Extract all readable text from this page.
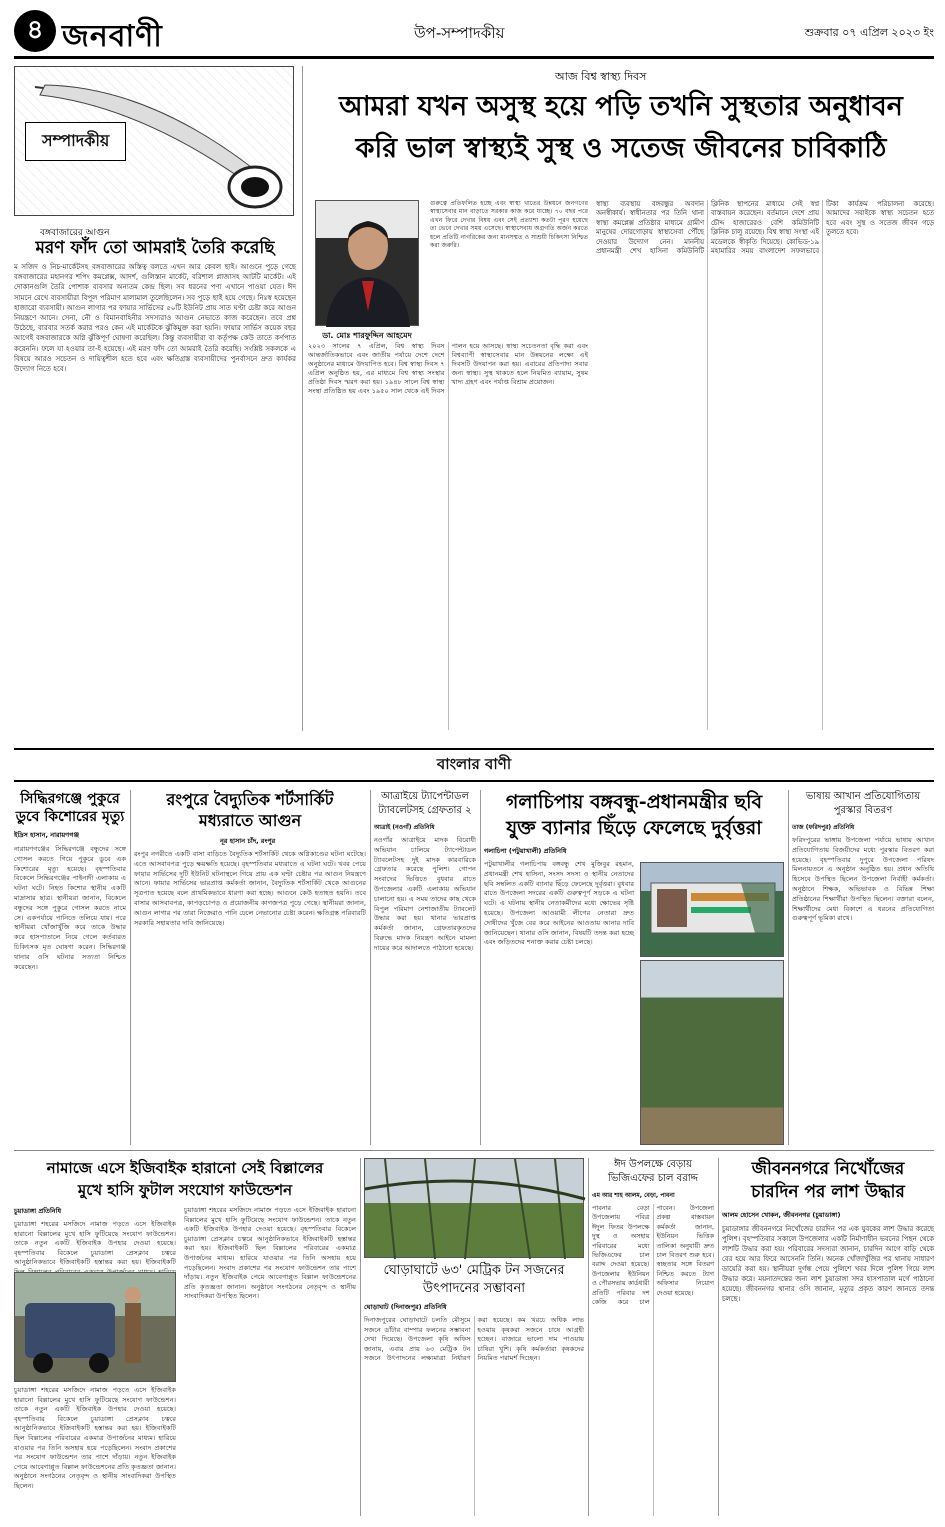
৪ জনবাণী	উপ-সম্পাদকীয়	শুক্রবার ০৭ এপ্রিল ২০২৩ ইং
সম্পাদকীয়
বঙ্গবাজারের আগুন
মরণ ফাঁদ তো আমরাই তৈরি করেছি
ম সজিদ ও নিচ-মার্কেটসহ বঙ্গবাজারের অস্তিত্ব বলতে এখন আর কেবল ছাই। আগুনে পুড়ে গেছে বঙ্গবাজারের মহানগর শপিং কমপ্লেক্স, আদর্শ, গুলিস্তান মার্কেট, বরিশাল প্লাজাসহ আটটি মার্কেট। এই দোকানগুলি তৈরি পোশাক ব্যবসার অন্যতম কেন্দ্র ছিল। সব ধরনের পণ্য এখানে পাওয়া যেত। ঈদ সামনে রেখে ব্যবসায়ীরা বিপুল পরিমাণ মালামাল তুলেছিলেন। সব পুড়ে ছাই হয়ে গেছে। নিঃস্ব হয়েছেন হাজারো ব্যবসায়ী। আগুন লাগার পর ফায়ার সার্ভিসের ৫০টি ইউনিট প্রায় সাত ঘণ্টা চেষ্টা করে আগুন নিয়ন্ত্রণে আনে। সেনা, নৌ ও বিমানবাহিনীর সদস্যরাও আগুন নেভাতে কাজ করেছেন। তবে প্রশ্ন উঠেছে, বারবার সতর্ক করার পরও কেন এই মার্কেটকে ঝুঁকিমুক্ত করা হয়নি। ফায়ার সার্ভিস কয়েক বছর আগেই বঙ্গবাজারকে অগ্নি ঝুঁকিপূর্ণ ঘোষণা করেছিল। কিন্তু ব্যবসায়ীরা বা কর্তৃপক্ষ কেউ তাতে কর্ণপাত করেননি। ফলে যা হওয়ার তা-ই হয়েছে। এই মরণ ফাঁদ তো আমরাই তৈরি করেছি। সংশ্লিষ্ট সকলকে এ বিষয়ে আরও সচেতন ও দায়িত্বশীল হতে হবে এবং ক্ষতিগ্রস্ত ব্যবসায়ীদের পুনর্বাসনে দ্রুত কার্যকর উদ্যোগ নিতে হবে।
আজ বিশ্ব স্বাস্থ্য দিবস
আমরা যখন অসুস্থ হয়ে পড়ি তখনি সুস্থতার অনুধাবন
করি ভাল স্বাস্থ্যই সুস্থ ও সতেজ জীবনের চাবিকাঠি
ডা. মোঃ শারফুদ্দিন আহমেদ
গুরুত্বে প্রতিফলিত হচ্ছে এবং স্বাস্থ্য খাতের উন্নয়নে জনগণের স্বাস্থ্যসেবার মান বাড়াতে সরকার কাজ করে যাচ্ছে। ৭০ বছর পরে এখন ফিরে দেখার বিষয় এবং সেই প্রত্যাশা কতটা পূরণ হয়েছে তা ভেবে দেখার সময় এসেছে। স্বাস্থ্যসেবায় অগ্রগতি অর্জন করতে হলে প্রতিটি নাগরিকের জন্য মানসম্মত ও সাশ্রয়ী চিকিৎসা নিশ্চিত করা জরুরি।
২০২৩ সালের ৭ এপ্রিল, বিশ্ব স্বাস্থ্য দিবস আন্তর্জাতিকভাবে এবং জাতীয় পর্যায়ে দেশে দেশে অনুষ্ঠানের মাধ্যমে উদযাপিত হবে। বিশ্ব স্বাস্থ্য দিবস ৭ এপ্রিল অনুষ্ঠিত হয়, এর মাধ্যমে বিশ্ব স্বাস্থ্য সংস্থার প্রতিষ্ঠা দিবস স্মরণ করা হয়। ১৯৪৮ সালে বিশ্ব স্বাস্থ্য সংস্থা প্রতিষ্ঠিত হয় এবং ১৯৫০ সাল থেকে এই দিবস পালন হয়ে আসছে। স্বাস্থ্য সচেতনতা বৃদ্ধি করা এবং বিশ্বব্যাপী স্বাস্থ্যসেবার মান উন্নয়নের লক্ষ্যে এই দিবসটি উদযাপন করা হয়। এবারের প্রতিপাদ্য সবার জন্য স্বাস্থ্য। সুস্থ থাকতে হলে নিয়মিত ব্যায়াম, সুষম খাদ্য গ্রহণ এবং পর্যাপ্ত বিশ্রাম প্রয়োজন।
স্বাস্থ্য ব্যবস্থায় বঙ্গবন্ধুর অবদান অনস্বীকার্য। স্বাধীনতার পর তিনি থানা স্বাস্থ্য কমপ্লেক্স প্রতিষ্ঠার মাধ্যমে গ্রামীণ মানুষের দোরগোড়ায় স্বাস্থ্যসেবা পৌঁছে দেওয়ার উদ্যোগ নেন। মাননীয় প্রধানমন্ত্রী শেখ হাসিনা কমিউনিটি ক্লিনিক স্থাপনের মাধ্যমে সেই স্বপ্ন বাস্তবায়ন করেছেন। বর্তমানে দেশে প্রায় চৌদ্দ হাজারেরও বেশি কমিউনিটি ক্লিনিক চালু রয়েছে। বিশ্ব স্বাস্থ্য সংস্থা এই মডেলকে স্বীকৃতি দিয়েছে। কোভিড-১৯ মহামারির সময় বাংলাদেশ সফলভাবে টিকা কার্যক্রম পরিচালনা করেছে। আমাদের সবাইকে স্বাস্থ্য সচেতন হতে হবে এবং সুস্থ ও সতেজ জীবন গড়ে তুলতে হবে।
বাংলার বাণী
সিদ্ধিরগঞ্জে পুকুরে ডুবে কিশোরের মৃত্যু
ইদ্রিস হাসান, নারায়ণগঞ্জ
নারায়ণগঞ্জের সিদ্ধিরগঞ্জে বন্ধুদের সঙ্গে গোসল করতে গিয়ে পুকুরে ডুবে এক কিশোরের মৃত্যু হয়েছে। বৃহস্পতিবার বিকেলে সিদ্ধিরগঞ্জের পাইনাদী এলাকায় এ ঘটনা ঘটে। নিহত কিশোর স্থানীয় একটি মাদ্রাসার ছাত্র। স্থানীয়রা জানান, বিকেলে বন্ধুদের সঙ্গে পুকুরে গোসল করতে নামে সে। একপর্যায়ে পানিতে তলিয়ে যায়। পরে স্থানীয়রা খোঁজাখুঁজি করে তাকে উদ্ধার করে হাসপাতালে নিয়ে গেলে কর্তব্যরত চিকিৎসক মৃত ঘোষণা করেন। সিদ্ধিরগঞ্জ থানার ওসি ঘটনার সত্যতা নিশ্চিত করেছেন।
রংপুরে বৈদ্যুতিক শর্টসার্কিট
মধ্যরাতে আগুন
নূর হাসান চাঁদ, রংপুর
রংপুর নগরীতে একটি বাসা বাড়িতে বৈদ্যুতিক শর্টসার্কিট থেকে অগ্নিকাণ্ডের ঘটনা ঘটেছে। এতে আসবাবপত্র পুড়ে ক্ষয়ক্ষতি হয়েছে। বৃহস্পতিবার মধ্যরাতে এ ঘটনা ঘটে। খবর পেয়ে ফায়ার সার্ভিসের দুটি ইউনিট ঘটনাস্থলে গিয়ে প্রায় এক ঘণ্টা চেষ্টার পর আগুন নিয়ন্ত্রণে আনে। ফায়ার সার্ভিসের ভারপ্রাপ্ত কর্মকর্তা জানান, বৈদ্যুতিক শর্টসার্কিট থেকে আগুনের সূত্রপাত হয়েছে বলে প্রাথমিকভাবে ধারণা করা হচ্ছে। আগুনে কেউ হতাহত হয়নি। তবে বাসার আসবাবপত্র, কাপড়চোপড় ও প্রয়োজনীয় কাগজপত্র পুড়ে গেছে। স্থানীয়রা জানান, আগুন লাগার পর তারা নিজেরাও পানি ঢেলে নেভানোর চেষ্টা করেন। ক্ষতিগ্রস্ত পরিবারটি সরকারি সহায়তার দাবি জানিয়েছে।
আত্রাইয়ে ট্যাপেন্টাডল
ট্যাবলেটসহ গ্রেফতার ২
আত্রাই (নওগাঁ) প্রতিনিধি
নওগাঁর আত্রাইয়ে মাদক বিরোধী অভিযান চালিয়ে ট্যাপেন্টাডল ট্যাবলেটসহ দুই মাদক কারবারিকে গ্রেফতার করেছে পুলিশ। গোপন সংবাদের ভিত্তিতে বুধবার রাতে উপজেলার একটি এলাকায় অভিযান চালানো হয়। এ সময় তাদের কাছ থেকে বিপুল পরিমাণ নেশাজাতীয় ট্যাবলেট উদ্ধার করা হয়। থানার ভারপ্রাপ্ত কর্মকর্তা জানান, গ্রেফতারকৃতদের বিরুদ্ধে মাদক নিয়ন্ত্রণ আইনে মামলা দায়ের করে আদালতে পাঠানো হয়েছে।
গলাচিপায় বঙ্গবন্ধু-প্রধানমন্ত্রীর ছবি
যুক্ত ব্যানার ছিঁড়ে ফেলেছে দুর্বৃত্তরা
গলাচিপা (পটুয়াখালী) প্রতিনিধি
পটুয়াখালীর গলাচিপায় বঙ্গবন্ধু শেখ মুজিবুর রহমান, প্রধানমন্ত্রী শেখ হাসিনা, সংসদ সদস্য ও স্থানীয় নেতাদের ছবি সম্বলিত একটি ব্যানার ছিঁড়ে ফেলেছে দুর্বৃত্তরা। বুধবার রাতে উপজেলা সদরের একটি গুরুত্বপূর্ণ সড়কে এ ঘটনা ঘটে। এ ঘটনায় স্থানীয় নেতাকর্মীদের মধ্যে ক্ষোভের সৃষ্টি হয়েছে। উপজেলা আওয়ামী লীগের নেতারা দ্রুত দোষীদের খুঁজে বের করে আইনের আওতায় আনার দাবি জানিয়েছেন। থানার ওসি জানান, বিষয়টি তদন্ত করা হচ্ছে এবং জড়িতদের শনাক্ত করার চেষ্টা চলছে।
ভাষায় আখান প্রতিযোগিতায়
পুরস্কার বিতরণ
তাজ (ফরিদপুর) প্রতিনিধি
ফরিদপুরের ভাঙ্গায় উপজেলা পর্যায়ে ভাষায় আখান প্রতিযোগিতায় বিজয়ীদের মধ্যে পুরস্কার বিতরণ করা হয়েছে। বৃহস্পতিবার দুপুরে উপজেলা পরিষদ মিলনায়তনে এ অনুষ্ঠান অনুষ্ঠিত হয়। প্রধান অতিথি হিসেবে উপস্থিত ছিলেন উপজেলা নির্বাহী কর্মকর্তা। অনুষ্ঠানে শিক্ষক, অভিভাবক ও বিভিন্ন শিক্ষা প্রতিষ্ঠানের শিক্ষার্থীরা উপস্থিত ছিলেন। বক্তারা বলেন, শিক্ষার্থীদের মেধা বিকাশে এ ধরনের প্রতিযোগিতা গুরুত্বপূর্ণ ভূমিকা রাখে।
নামাজে এসে ইজিবাইক হারানো সেই বিল্লালের
মুখে হাসি ফুটাল সংযোগ ফাউন্ডেশন
চুয়াডাঙ্গা প্রতিনিধি
চুয়াডাঙ্গা শহরের মসজিদে নামাজ পড়তে এসে ইজিবাইক হারানো বিল্লালের মুখে হাসি ফুটিয়েছে সংযোগ ফাউন্ডেশন। তাকে নতুন একটি ইজিবাইক উপহার দেওয়া হয়েছে। বৃহস্পতিবার বিকেলে চুয়াডাঙ্গা প্রেসক্লাব চত্বরে আনুষ্ঠানিকভাবে ইজিবাইকটি হস্তান্তর করা হয়। ইজিবাইকটি
চুয়াডাঙ্গা শহরের মসজিদে নামাজ পড়তে এসে ইজিবাইক হারানো বিল্লালের মুখে হাসি ফুটিয়েছে সংযোগ ফাউন্ডেশন। তাকে নতুন একটি ইজিবাইক উপহার দেওয়া হয়েছে। বৃহস্পতিবার বিকেলে চুয়াডাঙ্গা প্রেসক্লাব চত্বরে আনুষ্ঠানিকভাবে ইজিবাইকটি হস্তান্তর করা হয়। ইজিবাইকটি ছিল বিল্লালের পরিবারের একমাত্র উপার্জনের মাধ্যম। হারিয়ে যাওয়ার পর তিনি অসহায় হয়ে পড়েছিলেন। সংবাদ প্রকাশের পর সংযোগ ফাউন্ডেশন তার পাশে দাঁড়ায়। নতুন ইজিবাইক পেয়ে আবেগাপ্লুত বিল্লাল ফাউন্ডেশনের প্রতি কৃতজ্ঞতা জানান। অনুষ্ঠানে সংগঠনের নেতৃবৃন্দ ও স্থানীয় সাংবাদিকরা উপস্থিত ছিলেন।
চুয়াডাঙ্গা শহরের মসজিদে নামাজ পড়তে এসে ইজিবাইক হারানো বিল্লালের মুখে হাসি ফুটিয়েছে সংযোগ ফাউন্ডেশন। তাকে নতুন একটি ইজিবাইক উপহার দেওয়া হয়েছে। বৃহস্পতিবার বিকেলে চুয়াডাঙ্গা প্রেসক্লাব চত্বরে আনুষ্ঠানিকভাবে ইজিবাইকটি হস্তান্তর করা হয়। ইজিবাইকটি ছিল বিল্লালের পরিবারের একমাত্র উপার্জনের মাধ্যম। হারিয়ে যাওয়ার পর তিনি অসহায় হয়ে পড়েছিলেন। সংবাদ প্রকাশের পর সংযোগ ফাউন্ডেশন তার পাশে দাঁড়ায়। নতুন ইজিবাইক পেয়ে আবেগাপ্লুত বিল্লাল ফাউন্ডেশনের প্রতি কৃতজ্ঞতা জানান। অনুষ্ঠানে সংগঠনের নেতৃবৃন্দ ও স্থানীয় সাংবাদিকরা উপস্থিত ছিলেন।
ঘোড়াঘাটে ৬৩' মেট্রিক টন সজনের
উৎপাদনের সম্ভাবনা
ঘোড়াঘাট (দিনাজপুর) প্রতিনিধি
দিনাজপুরের ঘোড়াঘাটে চলতি মৌসুমে সজনে ডাঁটার বাম্পার ফলনের সম্ভাবনা দেখা দিয়েছে। উপজেলা কৃষি অফিস জানায়, এবার প্রায় ৬৩ মেট্রিক টন সজনে উৎপাদনের লক্ষ্যমাত্রা নির্ধারণ করা হয়েছে। কম খরচে অধিক লাভ হওয়ায় কৃষকরা সজনে চাষে আগ্রহী হচ্ছেন। বাজারে ভালো দাম পাওয়ায় চাষিরা খুশি। কৃষি কর্মকর্তারা কৃষকদের নিয়মিত পরামর্শ দিচ্ছেন।
ঈদ উপলক্ষে বেড়ায়
ভিজিএফের চাল বরাদ্দ
এম আর শাহ আলম, বেড়া, পাবনা
পাবনার বেড়া উপজেলায় পবিত্র ঈদুল ফিতর উপলক্ষে দুস্থ ও অসহায় পরিবারের মধ্যে ভিজিএফের চাল বরাদ্দ দেওয়া হয়েছে। উপজেলার ইউনিয়ন ও পৌরসভায় কার্ডধারী প্রতিটি পরিবার দশ কেজি করে চাল পাবেন। উপজেলা প্রকল্প বাস্তবায়ন কর্মকর্তা জানান, ইউনিয়ন ভিত্তিক তালিকা অনুযায়ী দ্রুত চাল বিতরণ শুরু হবে। স্বচ্ছতার সঙ্গে বিতরণ নিশ্চিত করতে ট্যাগ অফিসার নিয়োগ দেওয়া হয়েছে।
জীবননগরে নিখোঁজের
চারদিন পর লাশ উদ্ধার
আলম হোসেন খোকন, জীবননগর (চুয়াডাঙ্গা)
চুয়াডাঙ্গার জীবননগরে নিখোঁজের চারদিন পর এক যুবকের লাশ উদ্ধার করেছে পুলিশ। বৃহস্পতিবার সকালে উপজেলার একটি নির্মাণাধীন ভবনের পিছন থেকে লাশটি উদ্ধার করা হয়। পরিবারের সদস্যরা জানান, চারদিন আগে বাড়ি থেকে বের হয়ে আর ফিরে আসেননি তিনি। অনেক খোঁজাখুঁজির পর থানায় সাধারণ ডায়েরি করা হয়। স্থানীয়রা দুর্গন্ধ পেয়ে পুলিশে খবর দিলে পুলিশ গিয়ে লাশ উদ্ধার করে। ময়নাতদন্তের জন্য লাশ চুয়াডাঙ্গা সদর হাসপাতাল মর্গে পাঠানো হয়েছে। জীবননগর থানার ওসি জানান, মৃত্যুর প্রকৃত কারণ জানতে তদন্ত চলছে।
